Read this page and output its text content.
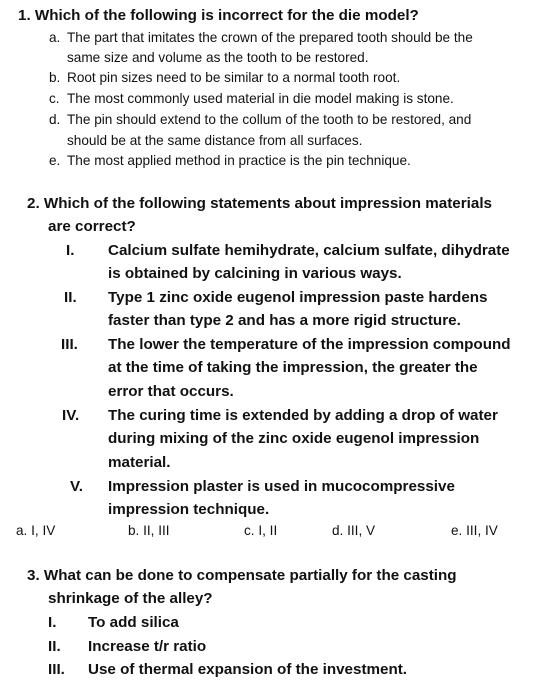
1. Which of the following is incorrect for the die model?
a. The part that imitates the crown of the prepared tooth should be the
same size and volume as the tooth to be restored.
b. Root pin sizes need to be similar to a normal tooth root.
c. The most commonly used material in die model making is stone.
d. The pin should extend to the collum of the tooth to be restored, and
should be at the same distance from all surfaces.
e. The most applied method in practice is the pin technique.
2. Which of the following statements about impression materials
are correct?
I. Calcium sulfate hemihydrate, calcium sulfate, dihydrate
is obtained by calcining in various ways.
II. Type 1 zinc oxide eugenol impression paste hardens
faster than type 2 and has a more rigid structure.
III. The lower the temperature of the impression compound
at the time of taking the impression, the greater the
error that occurs.
IV. The curing time is extended by adding a drop of water
during mixing of the zinc oxide eugenol impression
material.
V. Impression plaster is used in mucocompressive
impression technique.
a. I, IV	b. II, III	c. I, II	d. III, V	e. III, IV
3. What can be done to compensate partially for the casting
shrinkage of the alley?
I. To add silica
II. Increase t/r ratio
III. Use of thermal expansion of the investment.
